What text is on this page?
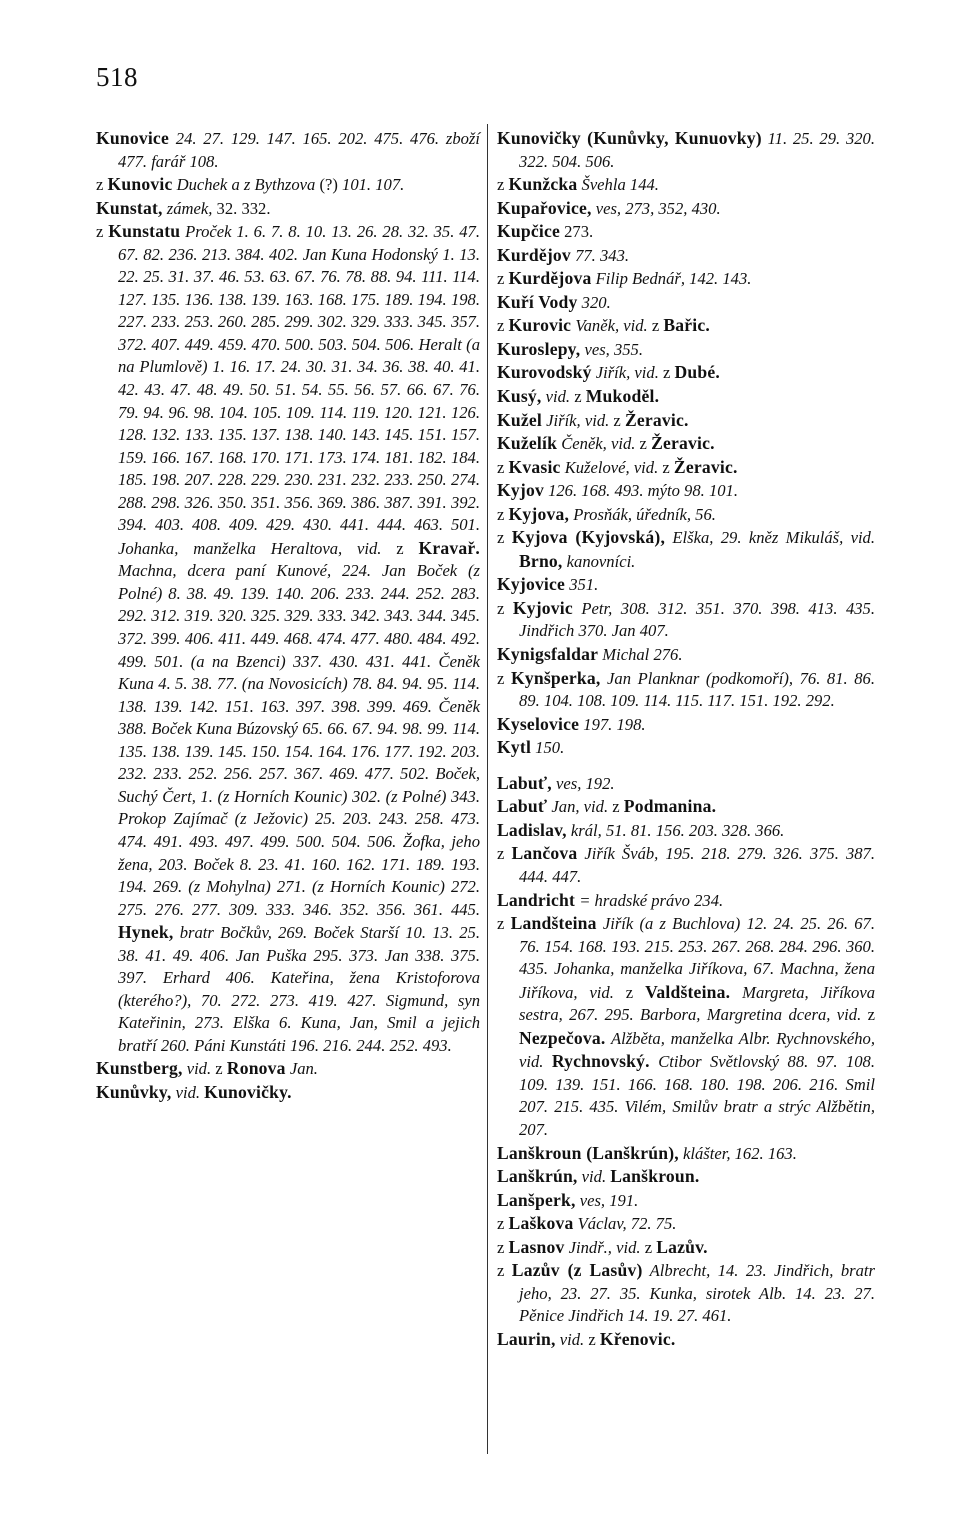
518

Kunovice 24. 27. 129. 147. 165. 202. 475. 476. zboží 477. farář 108.

z Kunovic Duchek a z Bythzova (?) 101. 107.

Kunstat, zámek, 32. 332.

z Kunstatu Proček 1. 6. 7. 8. 10. 13. 26. 28. 32. 35. 47. 67. 82. 236. 213. 384. 402. Jan Kuna Hodonský 1. 13. 22. 25. 31. 37. 46. 53. 63. 67. 76. 78. 88. 94. 111. 114. 127. 135. 136. 138. 139. 163. 168. 175. 189. 194. 198. 227. 233. 253. 260. 285. 299. 302. 329. 333. 345. 357. 372. 407. 449. 459. 470. 500. 503. 504. 506. Heralt (a na Plumlově) 1. 16. 17. 24. 30. 31. 34. 36. 38. 40. 41. 42. 43. 47. 48. 49. 50. 51. 54. 55. 56. 57. 66. 67. 76. 79. 94. 96. 98. 104. 105. 109. 114. 119. 120. 121. 126. 128. 132. 133. 135. 137. 138. 140. 143. 145. 151. 157. 159. 166. 167. 168. 170. 171. 173. 174. 181. 182. 184. 185. 198. 207. 228. 229. 230. 231. 232. 233. 250. 274. 288. 298. 326. 350. 351. 356. 369. 386. 387. 391. 392. 394. 403. 408. 409. 429. 430. 441. 444. 463. 501. Johanka, manželka Heraltova, vid. z Kravař. Machna, dcera paní Kunové, 224. Jan Boček (z Polné) 8. 38. 49. 139. 140. 206. 233. 244. 252. 283. 292. 312. 319. 320. 325. 329. 333. 342. 343. 344. 345. 372. 399. 406. 411. 449. 468. 474. 477. 480. 484. 492. 499. 501. (a na Bzenci) 337. 430. 431. 441. Čeněk Kuna 4. 5. 38. 77. (na Novosicích) 78. 84. 94. 95. 114. 138. 139. 142. 151. 163. 397. 398. 399. 469. Čeněk 388. Boček Kuna Búzovský 65. 66. 67. 94. 98. 99. 114. 135. 138. 139. 145. 150. 154. 164. 176. 177. 192. 203. 232. 233. 252. 256. 257. 367. 469. 477. 502. Boček, Suchý Čert, 1. (z Horních Kounic) 302. (z Polné) 343. Prokop Zajímač (z Ježovic) 25. 203. 243. 258. 473. 474. 491. 493. 497. 499. 500. 504. 506. Žofka, jeho žena, 203. Boček 8. 23. 41. 160. 162. 171. 189. 193. 194. 269. (z Mohylna) 271. (z Horních Kounic) 272. 275. 276. 277. 309. 333. 346. 352. 356. 361. 445. Hynek, bratr Bočkův, 269. Boček Starší 10. 13. 25. 38. 41. 49. 406. Jan Puška 295. 373. Jan 338. 375. 397. Erhard 406. Kateřina, žena Kristoforova (kterého?), 70. 272. 273. 419. 427. Sigmund, syn Kateřinin, 273. Elška 6. Kuna, Jan, Smil a jejich bratří 260. Páni Kunstáti 196. 216. 244. 252. 493.

Kunstberg, vid. z Ronova Jan.

Kunůvky, vid. Kunovičky.

Kunovičky (Kunůvky, Kunuovky) 11. 25. 29. 320. 322. 504. 506.

z Kunžcka Švehla 144.

Kupařovice, ves, 273, 352, 430.

Kupčice 273.

Kurdějov 77. 343.

z Kurdějova Filip Bednář, 142. 143.

Kuří Vody 320.

z Kurovic Vaněk, vid. z Bařic.

Kuroslepy, ves, 355.

Kurovodský Jiřík, vid. z Dubé.

Kusý, vid. z Mukoděl.

Kužel Jiřík, vid. z Žeravic.

Kuželík Čeněk, vid. z Žeravic.

z Kvasic Kuželové, vid. z Žeravic.

Kyjov 126. 168. 493. mýto 98. 101.

z Kyjova, Prosňák, úředník, 56.

z Kyjova (Kyjovská), Elška, 29. kněz Mikuláš, vid. Brno, kanovníci.

Kyjovice 351.

z Kyjovic Petr, 308. 312. 351. 370. 398. 413. 435. Jindřich 370. Jan 407.

Kynigsfaldar Michal 276.

z Kynšperka, Jan Planknar (podkomoří), 76. 81. 86. 89. 104. 108. 109. 114. 115. 117. 151. 192. 292.

Kyselovice 197. 198.

Kytl 150.

Labuť, ves, 192.

Labuť Jan, vid. z Podmanina.

Ladislav, král, 51. 81. 156. 203. 328. 366.

z Lančova Jiřík Šváb, 195. 218. 279. 326. 375. 387. 444. 447.

Landricht = hradské právo 234.

z Landšteina Jiřík (a z Buchlova) 12. 24. 25. 26. 67. 76. 154. 168. 193. 215. 253. 267. 268. 284. 296. 360. 435. Johanka, manželka Jiříkova, 67. Machna, žena Jiříkova, vid. z Valdšteina. Margreta, Jiříkova sestra, 267. 295. Barbora, Margretina dcera, vid. z Nezpečova. Alžběta, manželka Albr. Rychnovského, vid. Rychnovský. Ctibor Světlovský 88. 97. 108. 109. 139. 151. 166. 168. 180. 198. 206. 216. Smil 207. 215. 435. Vilém, Smilův bratr a strýc Alžbětin, 207.

Lanškroun (Lanškrún), klášter, 162. 163.

Lanškrún, vid. Lanškroun.

Lanšperk, ves, 191.

z Laškova Václav, 72. 75.

z Lasnov Jindř., vid. z Lazův.

z Lazův (z Lasův) Albrecht, 14. 23. Jindřich, bratr jeho, 23. 27. 35. Kunka, sirotek Alb. 14. 23. 27. Pěnice Jindřich 14. 19. 27. 461.

Laurin, vid. z Křenovic.
